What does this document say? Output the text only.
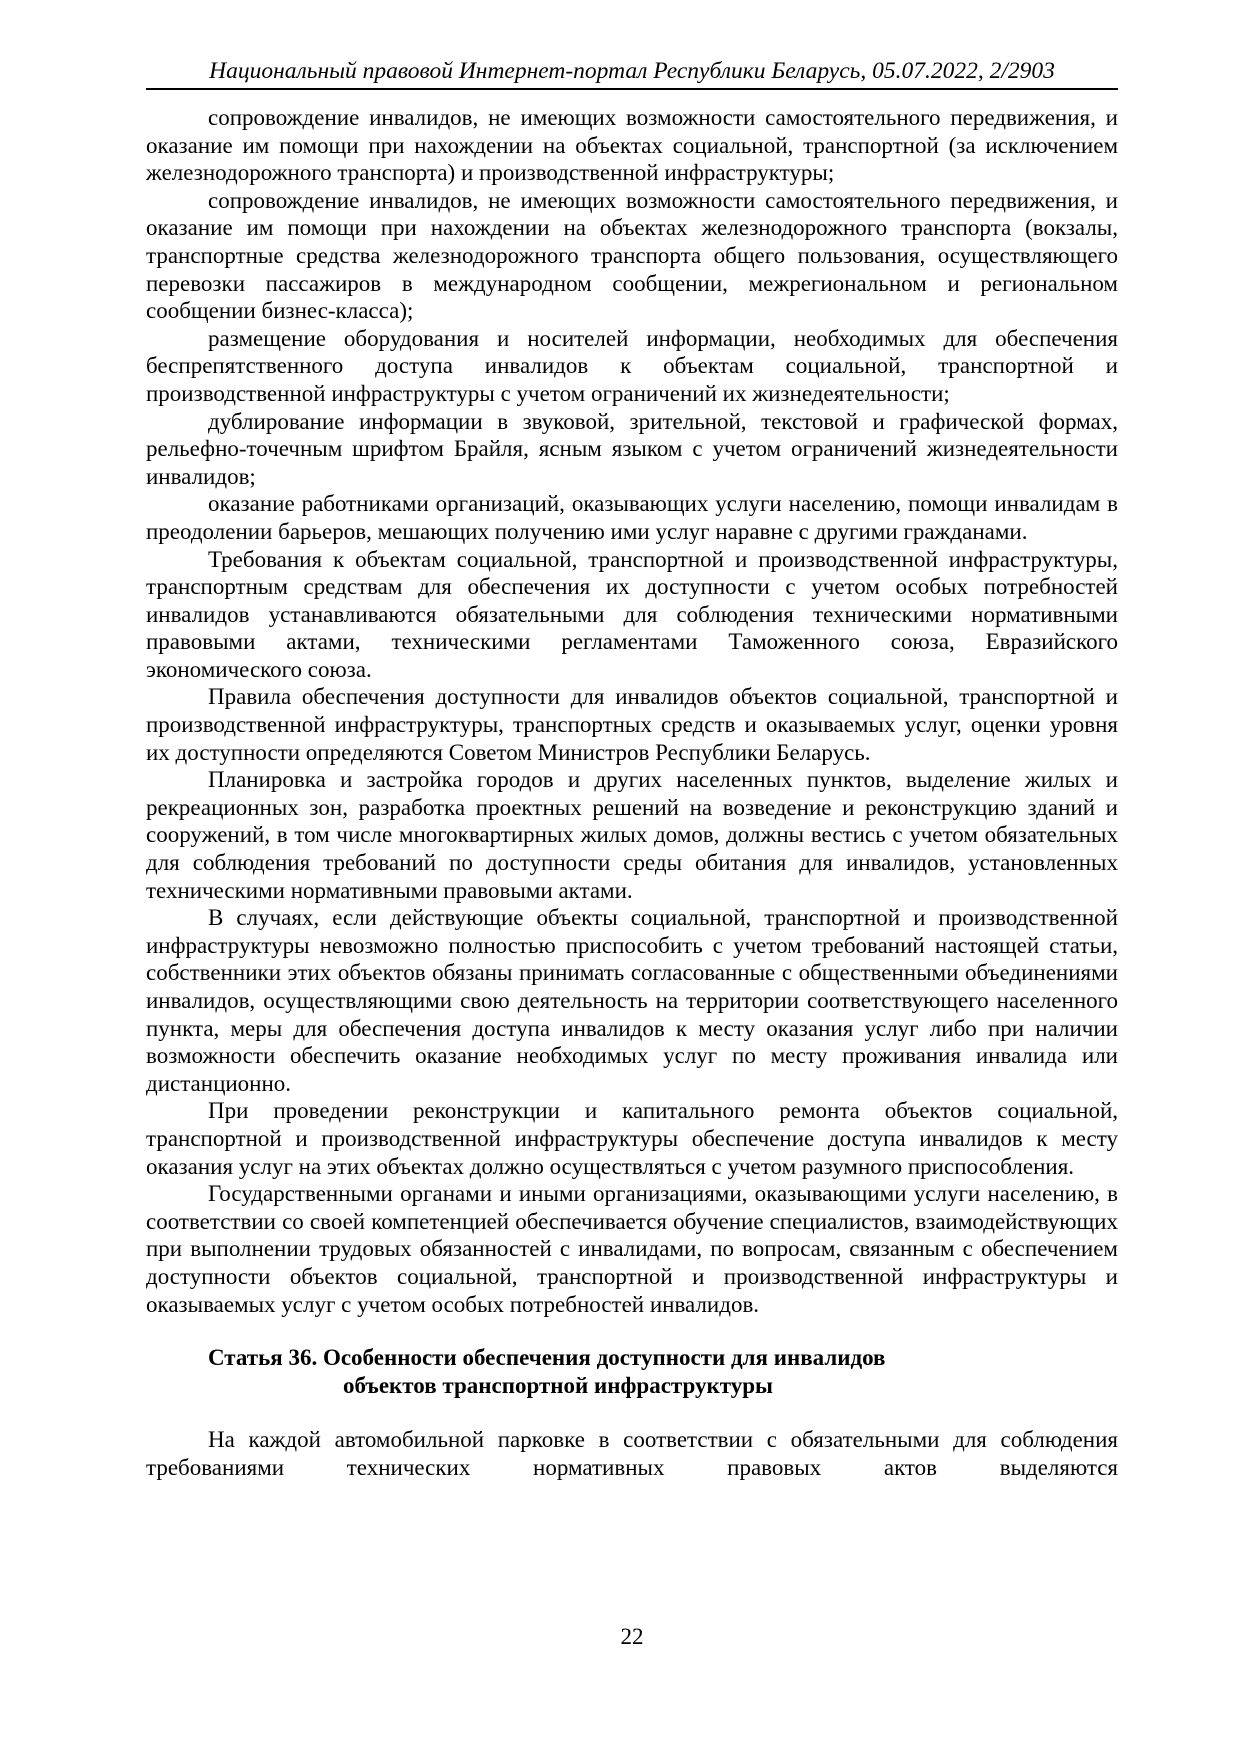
Национальный правовой Интернет-портал Республики Беларусь, 05.07.2022, 2/2903

сопровождение инвалидов, не имеющих возможности самостоятельного передвижения, и оказание им помощи при нахождении на объектах социальной, транспортной (за исключением железнодорожного транспорта) и производственной инфраструктуры;

сопровождение инвалидов, не имеющих возможности самостоятельного передвижения, и оказание им помощи при нахождении на объектах железнодорожного транспорта (вокзалы, транспортные средства железнодорожного транспорта общего пользования, осуществляющего перевозки пассажиров в международном сообщении, межрегиональном и региональном сообщении бизнес-класса);

размещение оборудования и носителей информации, необходимых для обеспечения беспрепятственного доступа инвалидов к объектам социальной, транспортной и производственной инфраструктуры с учетом ограничений их жизнедеятельности;

дублирование информации в звуковой, зрительной, текстовой и графической формах, рельефно-точечным шрифтом Брайля, ясным языком с учетом ограничений жизнедеятельности инвалидов;

оказание работниками организаций, оказывающих услуги населению, помощи инвалидам в преодолении барьеров, мешающих получению ими услуг наравне с другими гражданами.

Требования к объектам социальной, транспортной и производственной инфраструктуры, транспортным средствам для обеспечения их доступности с учетом особых потребностей инвалидов устанавливаются обязательными для соблюдения техническими нормативными правовыми актами, техническими регламентами Таможенного союза, Евразийского экономического союза.

Правила обеспечения доступности для инвалидов объектов социальной, транспортной и производственной инфраструктуры, транспортных средств и оказываемых услуг, оценки уровня их доступности определяются Советом Министров Республики Беларусь.

Планировка и застройка городов и других населенных пунктов, выделение жилых и рекреационных зон, разработка проектных решений на возведение и реконструкцию зданий и сооружений, в том числе многоквартирных жилых домов, должны вестись с учетом обязательных для соблюдения требований по доступности среды обитания для инвалидов, установленных техническими нормативными правовыми актами.

В случаях, если действующие объекты социальной, транспортной и производственной инфраструктуры невозможно полностью приспособить с учетом требований настоящей статьи, собственники этих объектов обязаны принимать согласованные с общественными объединениями инвалидов, осуществляющими свою деятельность на территории соответствующего населенного пункта, меры для обеспечения доступа инвалидов к месту оказания услуг либо при наличии возможности обеспечить оказание необходимых услуг по месту проживания инвалида или дистанционно.

При проведении реконструкции и капитального ремонта объектов социальной, транспортной и производственной инфраструктуры обеспечение доступа инвалидов к месту оказания услуг на этих объектах должно осуществляться с учетом разумного приспособления.

Государственными органами и иными организациями, оказывающими услуги населению, в соответствии со своей компетенцией обеспечивается обучение специалистов, взаимодействующих при выполнении трудовых обязанностей с инвалидами, по вопросам, связанным с обеспечением доступности объектов социальной, транспортной и производственной инфраструктуры и оказываемых услуг с учетом особых потребностей инвалидов.

Статья 36. Особенности обеспечения доступности для инвалидов
объектов транспортной инфраструктуры

На каждой автомобильной парковке в соответствии с обязательными для соблюдения требованиями технических нормативных правовых актов выделяются

22
